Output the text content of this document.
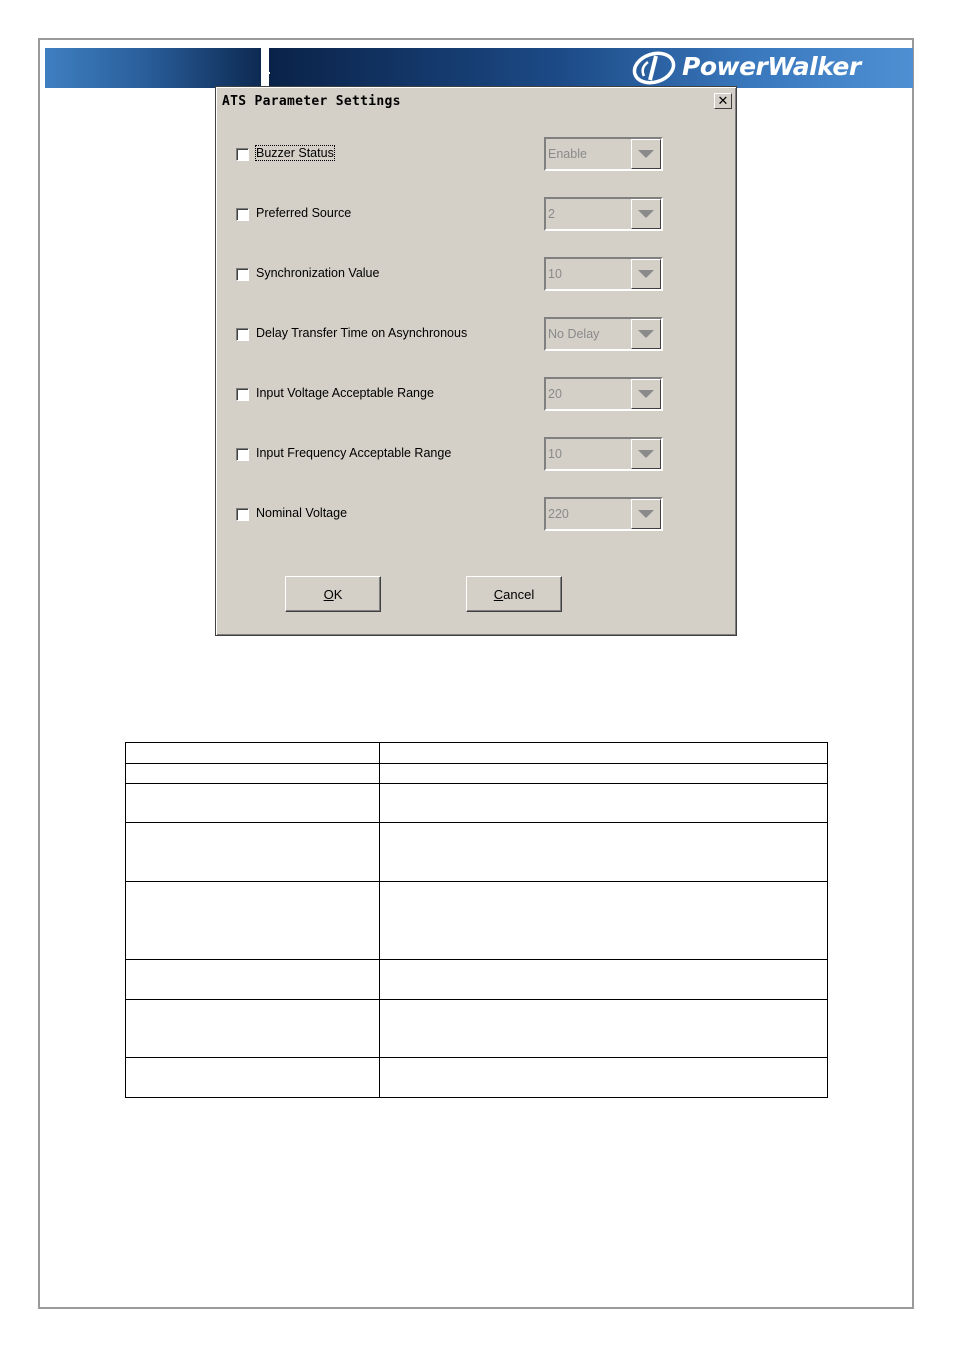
PowerWalker
ATS Parameter Settings	✕
Buzzer Status	Enable
Preferred Source	2
Synchronization Value	10
Delay Transfer Time on Asynchronous	No Delay
Input Voltage Acceptable Range	20
Input Frequency Acceptable Range	10
Nominal Voltage	220
O K	C ancel
